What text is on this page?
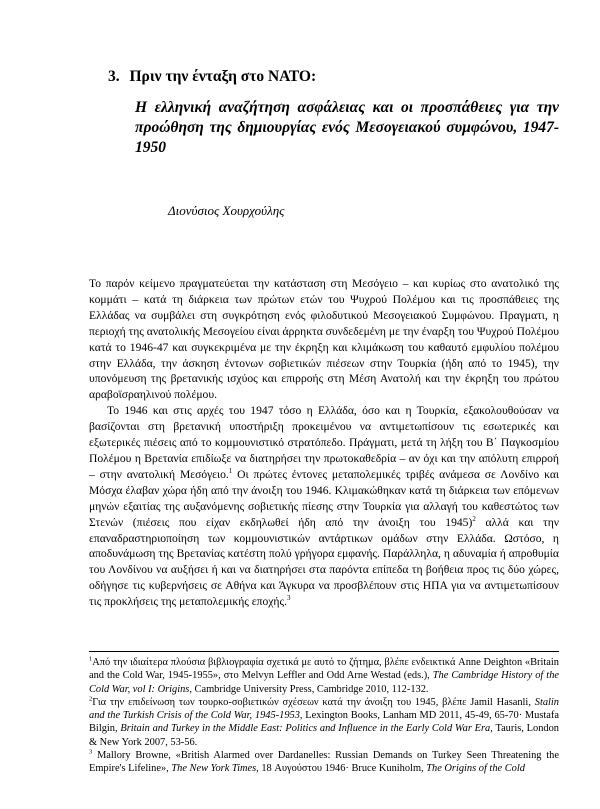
3. Πριν την ένταξη στο ΝΑΤΟ:
Η ελληνική αναζήτηση ασφάλειας και οι προσπάθειες για την προώθηση της δημιουργίας ενός Μεσογειακού συμφώνου, 1947-1950
Διονύσιος Χουρχούλης

Το παρόν κείμενο πραγματεύεται την κατάσταση στη Μεσόγειο – και κυρίως στο ανατολικό της κομμάτι – κατά τη διάρκεια των πρώτων ετών του Ψυχρού Πολέμου και τις προσπάθειες της Ελλάδας να συμβάλει στη συγκρότηση ενός φιλοδυτικού Μεσογειακού Συμφώνου. Πραγματι, η περιοχή της ανατολικής Μεσογείου είναι άρρηκτα συνδεδεμένη με την έναρξη του Ψυχρού Πολέμου κατά το 1946-47 και συγκεκριμένα με την έκρηξη και κλιμάκωση του καθαυτό εμφυλίου πολέμου στην Ελλάδα, την άσκηση έντονων σοβιετικών πιέσεων στην Τουρκία (ήδη από το 1945), την υπονόμευση της βρετανικής ισχύος και επιρροής στη Μέση Ανατολή και την έκρηξη του πρώτου αραβοϊσραηλινού πολέμου.

Το 1946 και στις αρχές του 1947 τόσο η Ελλάδα, όσο και η Τουρκία, εξακολουθούσαν να βασίζονται στη βρετανική υποστήριξη προκειμένου να αντιμετωπίσουν τις εσωτερικές και εξωτερικές πιέσεις από το κομμουνιστικό στρατόπεδο. Πράγματι, μετά τη λήξη του Β΄ Παγκοσμίου Πολέμου η Βρετανία επιδίωξε να διατηρήσει την πρωτοκαθεδρία – αν όχι και την απόλυτη επιρροή – στην ανατολική Μεσόγειο.$^1$ Οι πρώτες έντονες μεταπολεμικές τριβές ανάμεσα σε Λονδίνο και Μόσχα έλαβαν χώρα ήδη από την άνοιξη του 1946. Κλιμακώθηκαν κατά τη διάρκεια των επόμενων μηνών εξαιτίας της αυξανόμενης σοβιετικής πίεσης στην Τουρκία για αλλαγή του καθεστώτος των Στενών (πιέσεις που είχαν εκδηλωθεί ήδη από την άνοιξη του 1945)$^2$ αλλά και την επαναδραστηριοποίηση των κομμουνιστικών αντάρτικων ομάδων στην Ελλάδα. Ωστόσο, η αποδυνάμωση της Βρετανίας κατέστη πολύ γρήγορα εμφανής. Παράλληλα, η αδυναμία ή απροθυμία του Λονδίνου να αυξήσει ή και να διατηρήσει στα παρόντα επίπεδα τη βοήθεια προς τις δύο χώρες, οδήγησε τις κυβερνήσεις σε Αθήνα και Άγκυρα να προσβλέπουν στις ΗΠΑ για να αντιμετωπίσουν τις προκλήσεις της μεταπολεμικής εποχής.$^3$

$^1$Από την ιδιαίτερα πλούσια βιβλιογραφία σχετικά με αυτό το ζήτημα, βλέπε ενδεικτικά Anne Deighton «Britain and the Cold War, 1945-1955», στο Melvyn Leffler and Odd Arne Westad (eds.), The Cambridge History of the Cold War, vol I: Origins, Cambridge University Press, Cambridge 2010, 112-132.

$^2$Για την επιδείνωση των τουρκο-σοβιετικών σχέσεων κατά την άνοιξη του 1945, βλέπε Jamil Hasanli, Stalin and the Turkish Crisis of the Cold War, 1945-1953, Lexington Books, Lanham MD 2011, 45-49, 65-70· Mustafa Bilgin, Britain and Turkey in the Middle East: Politics and Influence in the Early Cold War Era, Tauris, London & New York 2007, 53-56.

$^3$ Mallory Browne, «British Alarmed over Dardanelles: Russian Demands on Turkey Seen Threatening the Empire's Lifeline», The New York Times, 18 Αυγούστου 1946· Bruce Kuniholm, The Origins of the Cold
